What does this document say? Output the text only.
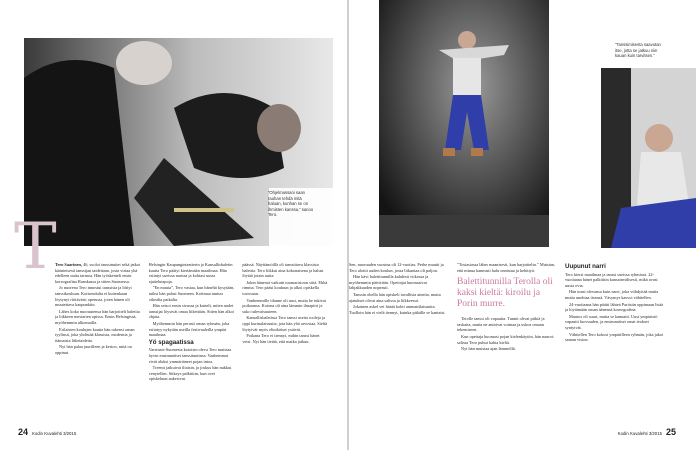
”Ohjelmassani saan rauhan tehdä mitä haluan, kunhan se on ihmisten kanssa,” sanoo Tero.
T

Tero Saarinen, 46, sooloi tanssinuttet sekä jatkoi käänteisesti tanssijan taidettaan, josta virtaa yhä edelleen uutta tarmoa. Hän työskenteli ensin koreografina Ranskassa ja sitten Suomessa.

Jo nuorena Tero innostui tanssista ja liittyi tanssikouluun. Kotiseudulta ei kuitenkaan löytynyt riittävästi opetusta, joten hänen oli muutettava kaupunkiin.

Lähes koko nuoruutensa hän harjoitteli balettia ja liikkeen mestarien opissa. Ensin Helsingissä, myöhemmin ulkomailla.

Erilaisten koulujen kautta hän rakensi oman tyylinsä, joka yhdistää klassista, modernia ja itämaista liiketaidetta.

Nyt hän palaa juurilleen ja kertoo, mitä on oppinut.

Helsingin Kaupunginteatterin ja Kansallisbaletin kautta Tero päätyi kiertämään maailmaa. Hän esiintyi useissa maissa ja kohtasi uusia ajattelutapoja.

”En muuta”, Tero vastaa, kun häneltä kysytään, miksi hän palasi Suomeen. Kotimaa tuntuu oikealta paikalta.

Hän seisoi ensin sivussa ja katseli, miten uudet tanssijat löysivät omaa liikettään. Sitten hän alkoi ohjata.

Myöhemmin hän perusti oman ryhmän, joka esiintyy nykyään useilla festivaaleilla ympäri maailmaa.

Yö spagaatissa

Varsinais-Suomesta kotoisin oleva Tero muistaa hyvin ensimmäiset tanssituntinsa. Vanhemmat eivät aluksi ymmärtäneet pojan intoa.

Treenit jatkuivat iltaisin, ja joskus hän nukkui venytellen. Sitkeys palkittiin, kun ovet opiskeluun aukesivat.

päässä. Näyttämöillä oli tanssittava klassista balettia. Tero liikkui aina kokonaisena ja halusi löytää jotain uutta.

Jokin hänessä vaikutti tuomaristoon siitä. Ehkä rimma. Tero pääsi kouluun ja alkoi opiskella tosissaan.

Vanhemmille tilanne oli uusi, mutta he tukivat poikaansa. Kotona oli aina lämmin ilmapiiri ja usko tulevaisuuteen.

Kansallisbaletissa Tero tanssi useita rooleja ja oppi kurinalaisuutta, jota hän yhä arvostaa. Sieltä löytyivät myös elinikäiset ystävät.

Poikana Tero ei tiennyt, mihin tanssi hänet veisi. Nyt hän tietää, että matka jatkuu.

24 Kodin Kuvalehti 3/2015
”Tanssimisesta saavutan itse, jotta se jatkuu niin kauan kuin tarvitsen.”

Sen, nuoruuden vuosina oli 12-vuotias. Perhe muutti ja Tero aloitti uuden koulun, jossa liikuntaa oli paljon.

Hän kävi balettitunnilla kahdesti viikossa ja myöhemmin päivittäin. Opettajat huomasivat lahjakkuuden nopeasti.

Tanssin ohella hän opiskeli tavallisia aineita, mutta ajatukset olivat aina salissa ja liikkeessä.

Jokainen askel vei häntä kohti ammattilaisuutta. Tuolloin hän ei vielä tiennyt, kuinka pitkälle se kantaisi.

”Tosiasiassa lähes maanisesti, kun harjoittelin.” Muistan, että minua kannusti halu onnistua ja kehittyä.

Balettitunnilla Terolla oli kaksi kieltä: kiroilu ja Porin murre.

Terolle tanssi oli vapautta. Tunnit olivat pitkiä ja raskaita, mutta ne antoivat voimaa ja uskoa omaan tekemiseen.

Kun opettaja huomasi pojan kielenkäytön, hän nauroi: salissa Tero puhui kahta kieltä.

Nyt hän muistaa ajan lämmöllä.

Uupunut narri

Tero kiersi maailmaa ja tanssi useissa ryhmissä. 22-vuotiaana hänet palkittiin kansainvälisesti, mikä avasi uusia ovia.

Hän tunsi olevansa kuin narri, joka viihdyttää muita mutta unohtaa itsensä. Väsymys kasvoi vähitellen.

24-vuotiaana hän päätti lähteä Pariisiin oppimaan lisää ja löytämään oman äänensä koreografina.

Muutos oli suuri, mutta se kannatti. Uusi ympäristö vapautti luovuuden, ja ensimmäiset omat teokset syntyivät.

Vähitellen Tero kokosi ympärilleen ryhmän, joka jakoi saman vision.

Kodin Kuvalehti 3/2015 25
